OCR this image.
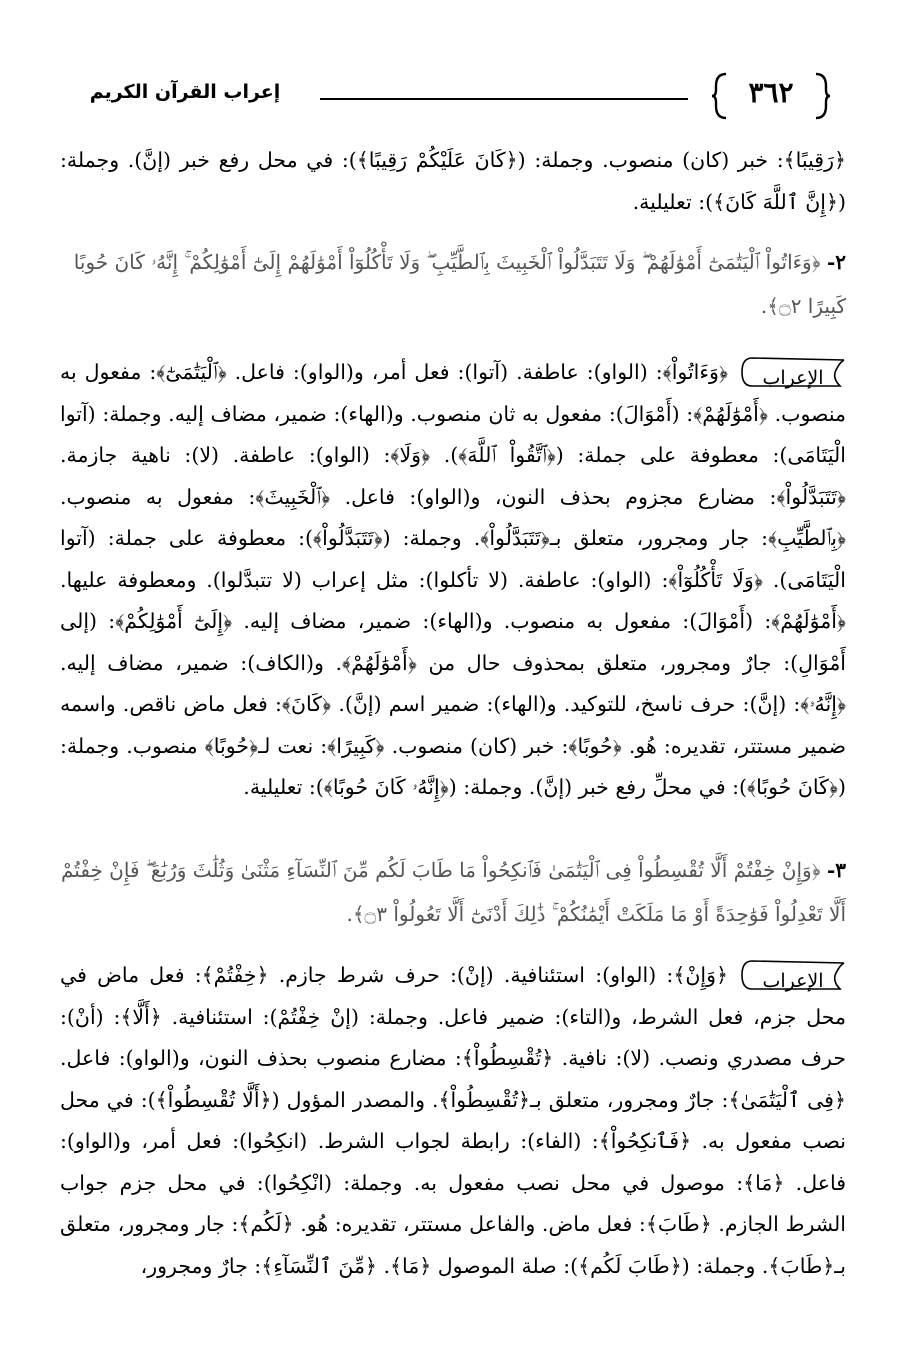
٣٦٢
إعراب القرآن الكريم
﴿رَقِيبًا﴾: خبر (كان) منصوب. وجملة: (﴿كَانَ عَلَيْكُمْ رَقِيبًا﴾): في محل رفع خبر (إنَّ). وجملة: (﴿إِنَّ ٱللَّهَ كَانَ﴾): تعليلية.
٢- ﴿وَءَاتُواْ ٱلْيَتَٰمَىٰٓ أَمْوَٰلَهُمْ ۖ وَلَا تَتَبَدَّلُواْ ٱلْخَبِيثَ بِٱلطَّيِّبِ ۖ وَلَا تَأْكُلُوٓاْ أَمْوَٰلَهُمْ إِلَىٰٓ أَمْوَٰلِكُمْ ۚ إِنَّهُۥ كَانَ حُوبًا كَبِيرًا ۝٢﴾.
الإعراب
﴿وَءَاتُواْ﴾: (الواو): عاطفة. (آتوا): فعل أمر، و(الواو): فاعل. ﴿ٱلْيَتَٰمَىٰٓ﴾: مفعول به منصوب. ﴿أَمْوَٰلَهُمْ﴾: (أَمْوَالَ): مفعول به ثان منصوب. و(الهاء): ضمير، مضاف إليه. وجملة: (آتوا الْيَتَامَى): معطوفة على جملة: (﴿ٱتَّقُواْ ٱللَّهَ﴾). ﴿وَلَا﴾: (الواو): عاطفة. (لا): ناهية جازمة. ﴿تَتَبَدَّلُواْ﴾: مضارع مجزوم بحذف النون، و(الواو): فاعل. ﴿ٱلْخَبِيثَ﴾: مفعول به منصوب. ﴿بِٱلطَّيِّبِ﴾: جار ومجرور، متعلق بـ﴿تَتَبَدَّلُواْ﴾. وجملة: (﴿تَتَبَدَّلُواْ﴾): معطوفة على جملة: (آتوا الْيَتَامَى). ﴿وَلَا تَأْكُلُوٓاْ﴾: (الواو): عاطفة. (لا تأكلوا): مثل إعراب (لا تتبدَّلوا). ومعطوفة عليها. ﴿أَمْوَٰلَهُمْ﴾: (أَمْوَالَ): مفعول به منصوب. و(الهاء): ضمير، مضاف إليه. ﴿إِلَىٰٓ أَمْوَٰلِكُمْ﴾: (إلى أَمْوَالِ): جارٌ ومجرور، متعلق بمحذوف حال من ﴿أَمْوَٰلَهُمْ﴾. و(الكاف): ضمير، مضاف إليه. ﴿إِنَّهُۥ﴾: (إنَّ): حرف ناسخ، للتوكيد. و(الهاء): ضمير اسم (إنَّ). ﴿كَانَ﴾: فعل ماض ناقص. واسمه ضمير مستتر، تقديره: هُو. ﴿حُوبًا﴾: خبر (كان) منصوب. ﴿كَبِيرًا﴾: نعت لـ﴿حُوبًا﴾ منصوب. وجملة: (﴿كَانَ حُوبًا﴾): في محلِّ رفع خبر (إنَّ). وجملة: (﴿إِنَّهُۥ كَانَ حُوبًا﴾): تعليلية.
٣- ﴿وَإِنْ خِفْتُمْ أَلَّا تُقْسِطُواْ فِى ٱلْيَتَٰمَىٰ فَٱنكِحُواْ مَا طَابَ لَكُم مِّنَ ٱلنِّسَآءِ مَثْنَىٰ وَثُلَٰثَ وَرُبَٰعَ ۖ فَإِنْ خِفْتُمْ أَلَّا تَعْدِلُواْ فَوَٰحِدَةً أَوْ مَا مَلَكَتْ أَيْمَٰنُكُمْ ۚ ذَٰلِكَ أَدْنَىٰٓ أَلَّا تَعُولُواْ ۝٣﴾.
الإعراب
﴿وَإِنْ﴾: (الواو): استئنافية. (إنْ): حرف شرط جازم. ﴿خِفْتُمْ﴾: فعل ماض في محل جزم، فعل الشرط، و(التاء): ضمير فاعل. وجملة: (إنْ خِفْتُمْ): استئنافية. ﴿أَلَّا﴾: (أنْ): حرف مصدري ونصب. (لا): نافية. ﴿تُقْسِطُواْ﴾: مضارع منصوب بحذف النون، و(الواو): فاعل. ﴿فِى ٱلْيَتَٰمَىٰ﴾: جارٌ ومجرور، متعلق بـ﴿تُقْسِطُواْ﴾. والمصدر المؤول (﴿أَلَّا تُقْسِطُواْ﴾): في محل نصب مفعول به. ﴿فَٱنكِحُواْ﴾: (الفاء): رابطة لجواب الشرط. (انكِحُوا): فعل أمر، و(الواو): فاعل. ﴿مَا﴾: موصول في محل نصب مفعول به. وجملة: (انْكِحُوا): في محل جزم جواب الشرط الجازم. ﴿طَابَ﴾: فعل ماض. والفاعل مستتر، تقديره: هُو. ﴿لَكُم﴾: جار ومجرور، متعلق بـ﴿طَابَ﴾. وجملة: (﴿طَابَ لَكُم﴾): صلة الموصول ﴿مَا﴾. ﴿مِّنَ ٱلنِّسَآءِ﴾: جارٌ ومجرور،
